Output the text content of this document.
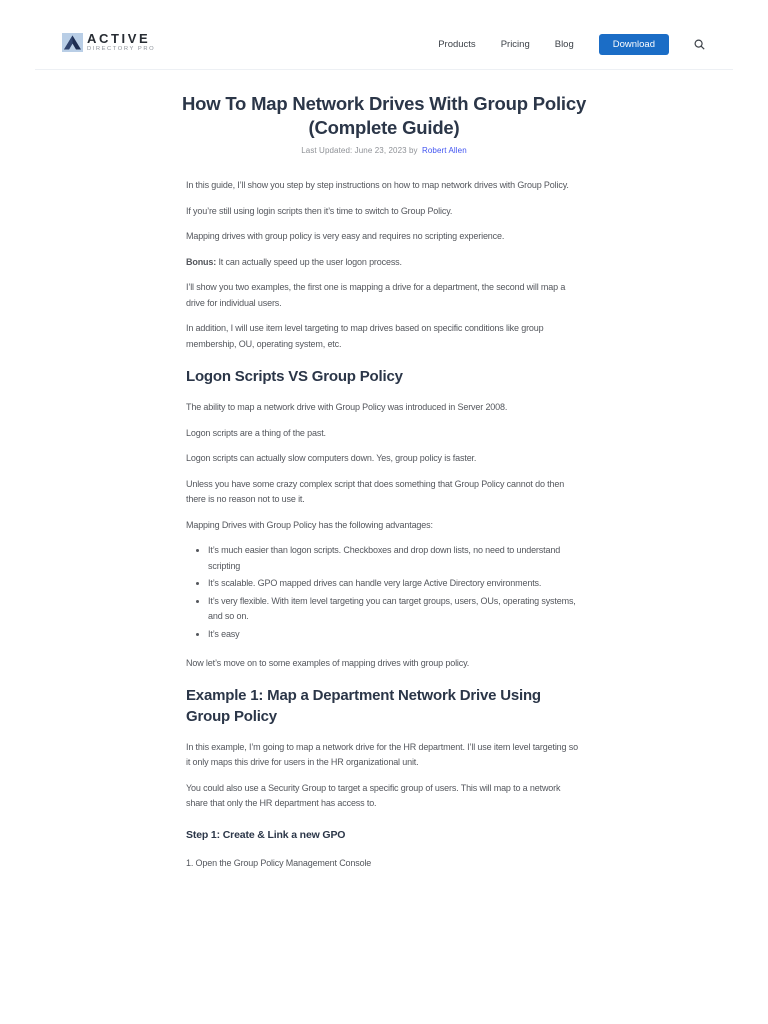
ACTIVE
DIRECTORY PRO	Products	Pricing	Blog	Download
How To Map Network Drives With Group Policy
(Complete Guide)

Last Updated: June 23, 2023 by Robert Allen

In this guide, I’ll show you step by step instructions on how to map network drives with Group Policy.

If you’re still using login scripts then it’s time to switch to Group Policy.

Mapping drives with group policy is very easy and requires no scripting experience.

Bonus: It can actually speed up the user logon process.

I’ll show you two examples, the first one is mapping a drive for a department, the second will map a drive for individual users.

In addition, I will use item level targeting to map drives based on specific conditions like group membership, OU, operating system, etc.

Logon Scripts VS Group Policy

The ability to map a network drive with Group Policy was introduced in Server 2008.

Logon scripts are a thing of the past.

Logon scripts can actually slow computers down. Yes, group policy is faster.

Unless you have some crazy complex script that does something that Group Policy cannot do then there is no reason not to use it.

Mapping Drives with Group Policy has the following advantages:

• It’s much easier than logon scripts. Checkboxes and drop down lists, no need to understand scripting
• It’s scalable. GPO mapped drives can handle very large Active Directory environments.
• It’s very flexible. With item level targeting you can target groups, users, OUs, operating systems, and so on.
• It’s easy

Now let’s move on to some examples of mapping drives with group policy.

Example 1: Map a Department Network Drive Using Group Policy

In this example, I’m going to map a network drive for the HR department. I’ll use item level targeting so it only maps this drive for users in the HR organizational unit.

You could also use a Security Group to target a specific group of users. This will map to a network share that only the HR department has access to.

Step 1: Create & Link a new GPO

1. Open the Group Policy Management Console
